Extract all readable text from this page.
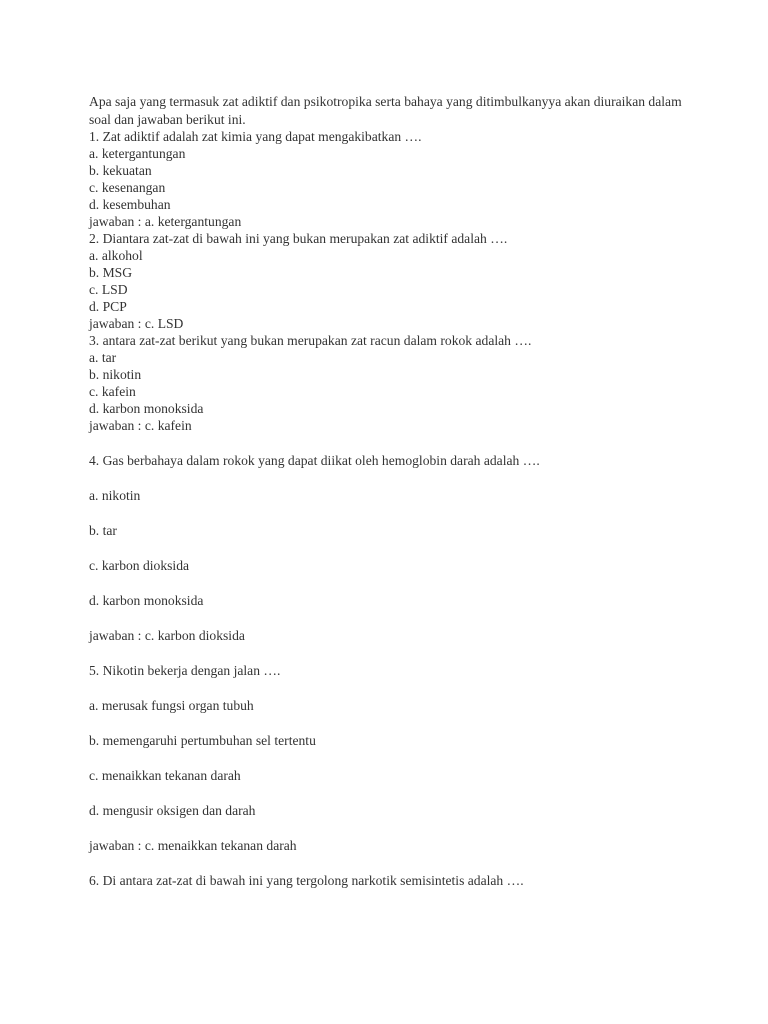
Apa saja yang termasuk zat adiktif dan psikotropika serta bahaya yang ditimbulkanyya akan diuraikan dalam soal dan jawaban berikut ini.

1. Zat adiktif adalah zat kimia yang dapat mengakibatkan ….
a. ketergantungan
b. kekuatan
c. kesenangan
d. kesembuhan
jawaban : a. ketergantungan
2. Diantara zat-zat di bawah ini yang bukan merupakan zat adiktif adalah ….
a. alkohol
b. MSG
c. LSD
d. PCP
jawaban : c. LSD
3. antara zat-zat berikut yang bukan merupakan zat racun dalam rokok adalah ….
a. tar
b. nikotin
c. kafein
d. karbon monoksida
jawaban : c. kafein
4. Gas berbahaya dalam rokok yang dapat diikat oleh hemoglobin darah adalah ….
a. nikotin
b. tar
c. karbon dioksida
d. karbon monoksida
jawaban : c. karbon dioksida
5. Nikotin bekerja dengan jalan ….
a. merusak fungsi organ tubuh
b. memengaruhi pertumbuhan sel tertentu
c. menaikkan tekanan darah
d. mengusir oksigen dan darah
jawaban : c. menaikkan tekanan darah
6. Di antara zat-zat di bawah ini yang tergolong narkotik semisintetis adalah ….
